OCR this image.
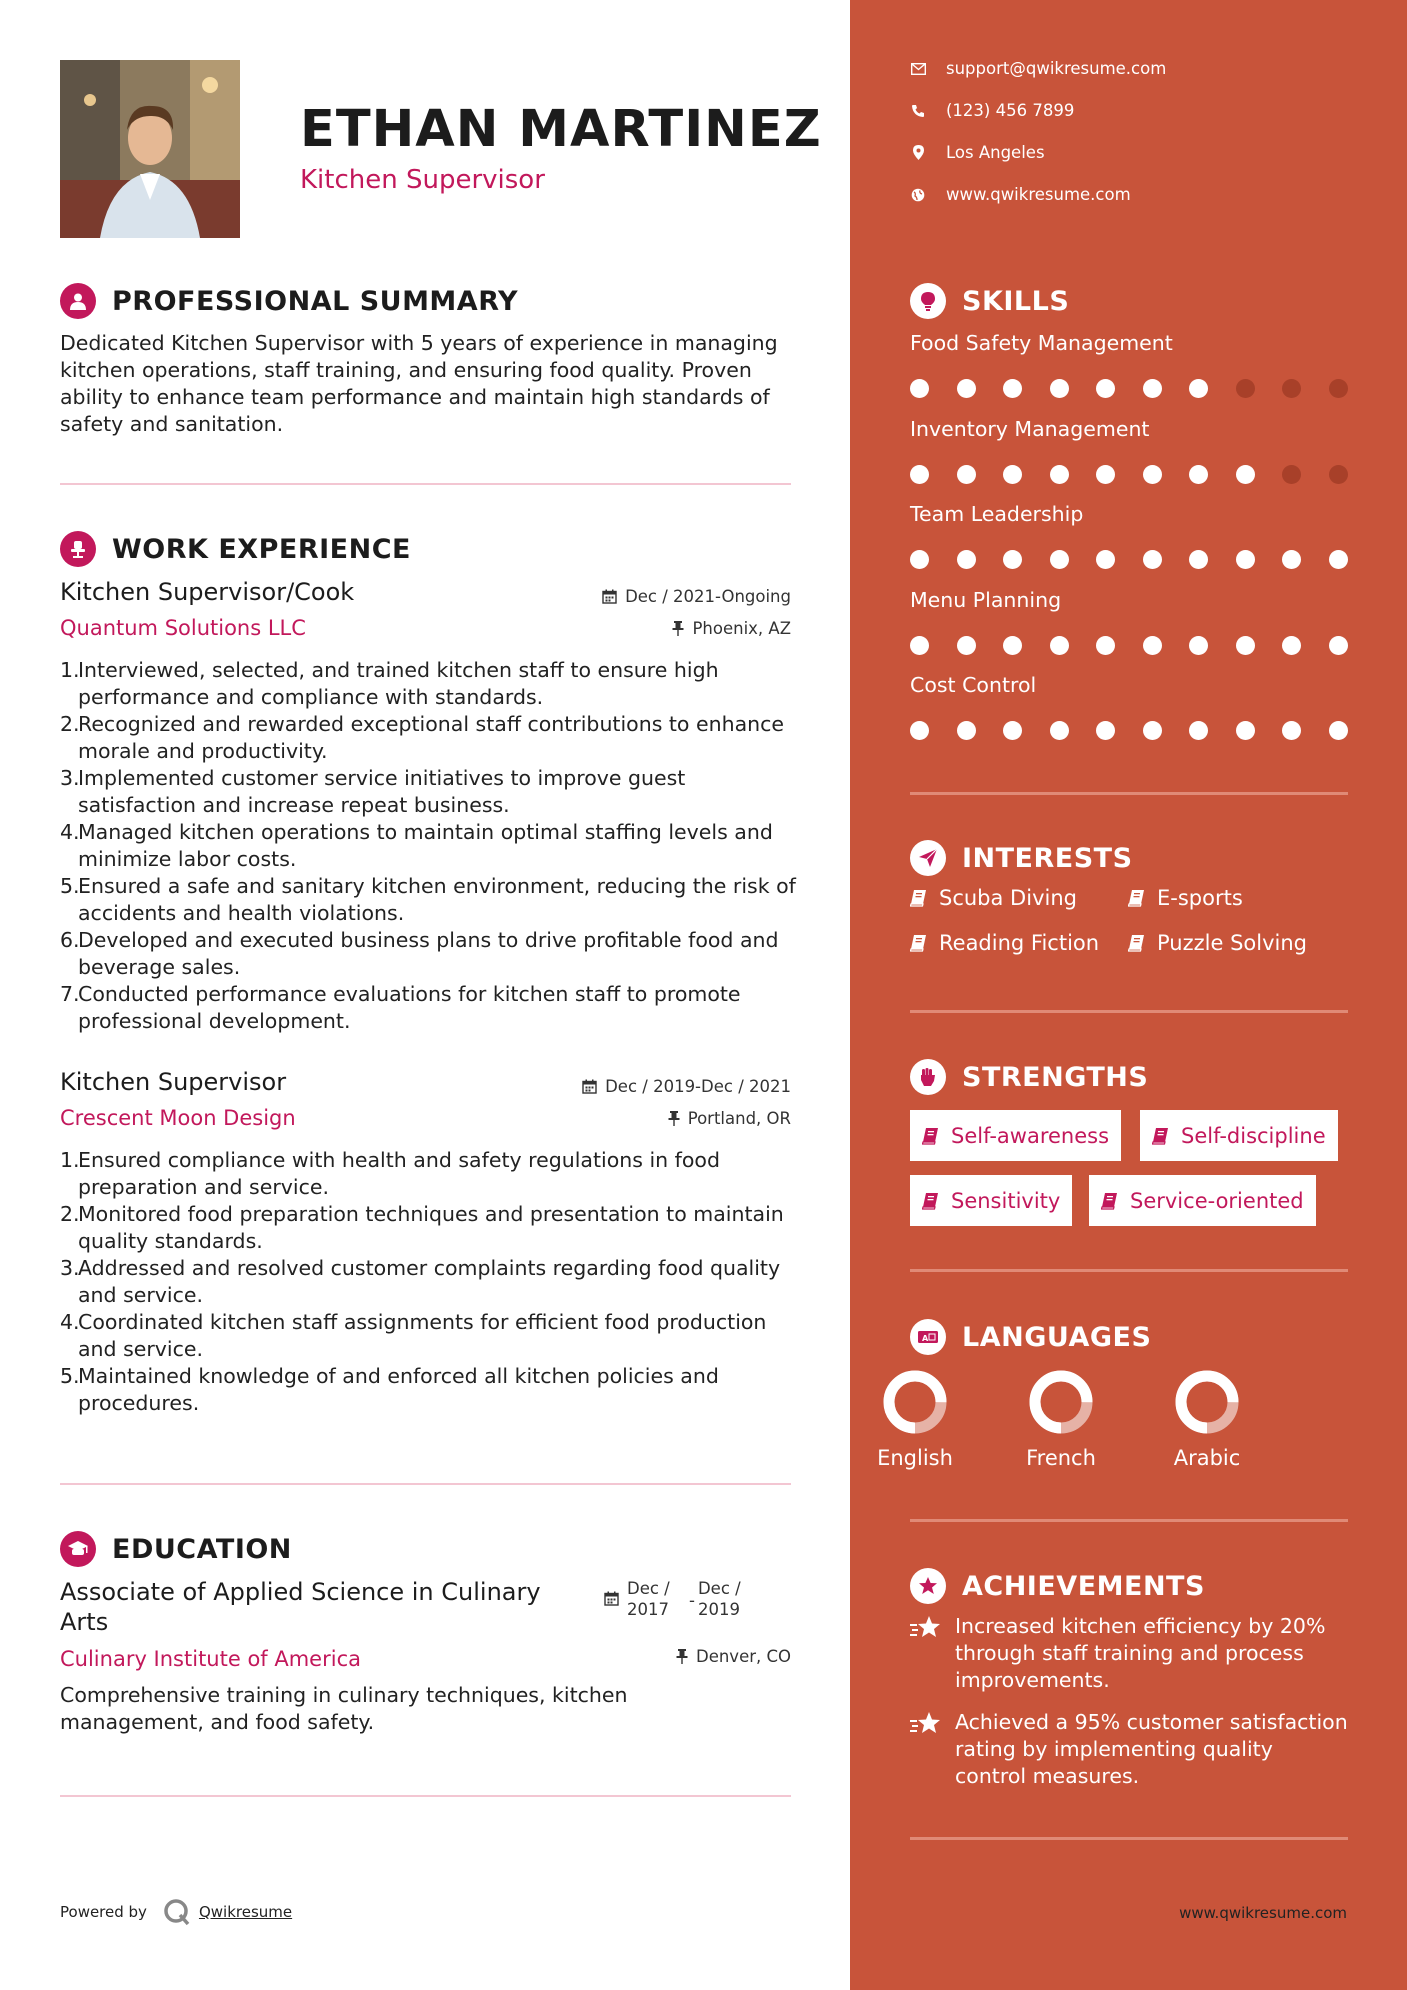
ETHAN MARTINEZ
Kitchen Supervisor
PROFESSIONAL SUMMARY
Dedicated Kitchen Supervisor with 5 years of experience in managing kitchen operations, staff training, and ensuring food quality. Proven ability to enhance team performance and maintain high standards of safety and sanitation.
WORK EXPERIENCE
Kitchen Supervisor/Cook	Dec / 2021-Ongoing
Quantum Solutions LLC	Phoenix, AZ
1.
Interviewed, selected, and trained kitchen staff to ensure high performance and compliance with standards.
2.
Recognized and rewarded exceptional staff contributions to enhance morale and productivity.
3.
Implemented customer service initiatives to improve guest satisfaction and increase repeat business.
4.
Managed kitchen operations to maintain optimal staffing levels and minimize labor costs.
5.
Ensured a safe and sanitary kitchen environment, reducing the risk of accidents and health violations.
6.
Developed and executed business plans to drive profitable food and beverage sales.
7.
Conducted performance evaluations for kitchen staff to promote professional development.
Kitchen Supervisor	Dec / 2019-Dec / 2021
Crescent Moon Design	Portland, OR
1.
Ensured compliance with health and safety regulations in food preparation and service.
2.
Monitored food preparation techniques and presentation to maintain quality standards.
3.
Addressed and resolved customer complaints regarding food quality and service.
4.
Coordinated kitchen staff assignments for efficient food production and service.
5.
Maintained knowledge of and enforced all kitchen policies and procedures.
EDUCATION
Associate of Applied Science in Culinary
Arts
Dec /
2017	-
Dec /
2019
Culinary Institute of America	Denver, CO
Comprehensive training in culinary techniques, kitchen management, and food safety.
Powered by	Qwikresume
support@qwikresume.com
(123) 456 7899
Los Angeles
www.qwikresume.com
SKILLS
Food Safety Management
Inventory Management
Team Leadership
Menu Planning
Cost Control
INTERESTS
Scuba Diving	E-sports
Reading Fiction	Puzzle Solving
STRENGTHS
Self-awareness	Self-discipline
Sensitivity	Service-oriented
A LANGUAGES
English	French	Arabic
ACHIEVEMENTS
Increased kitchen efficiency by 20% through staff training and process improvements.
Achieved a 95% customer satisfaction rating by implementing quality control measures.
www.qwikresume.com
